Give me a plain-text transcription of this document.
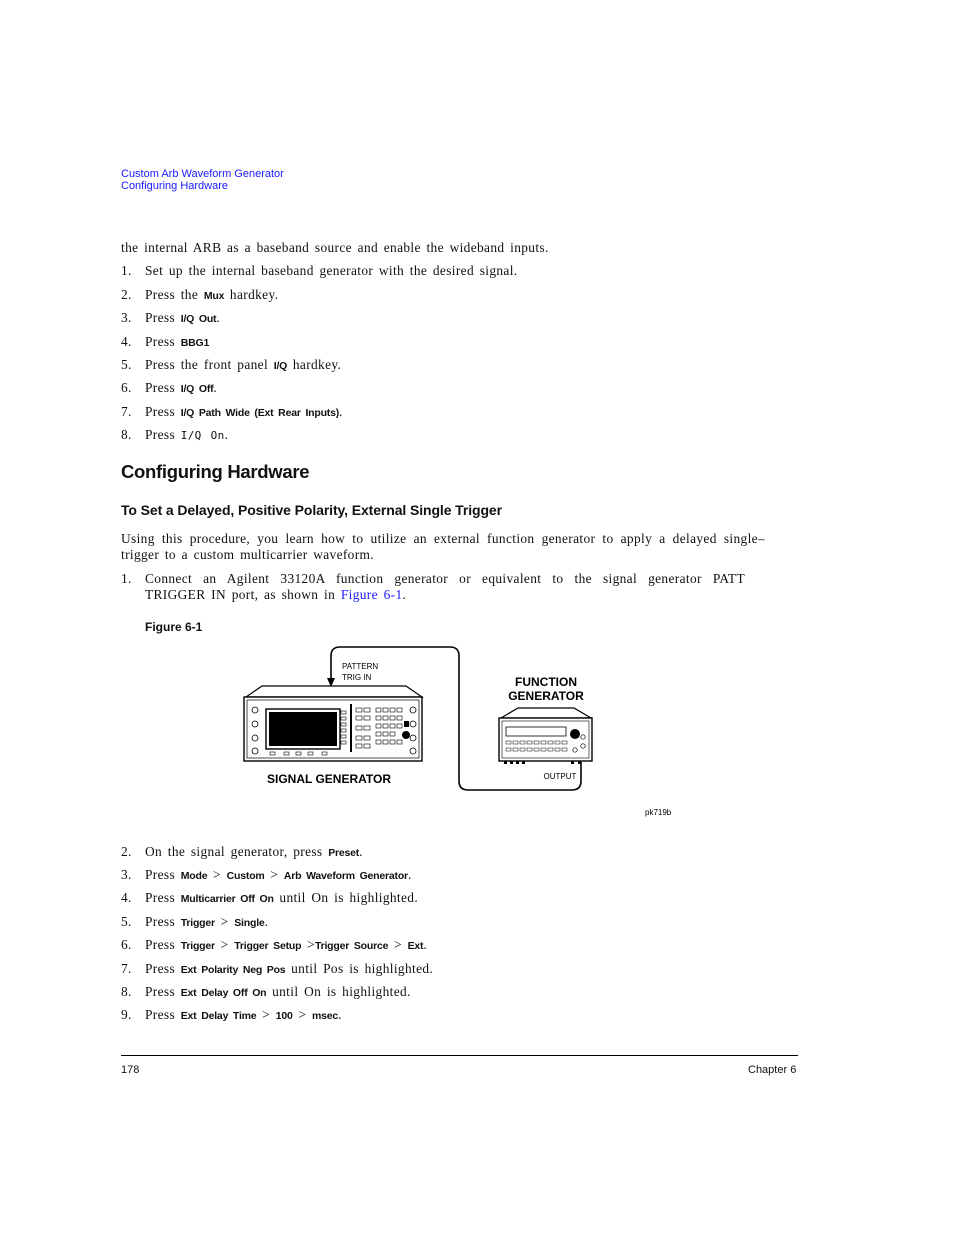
Custom Arb Waveform Generator
Configuring Hardware
the internal ARB as a baseband source and enable the wideband inputs.
1. Set up the internal baseband generator with the desired signal.
2. Press the Mux hardkey.
3. Press I/Q Out.
4. Press BBG1
5. Press the front panel I/Q hardkey.
6. Press I/Q Off.
7. Press I/Q Path Wide (Ext Rear Inputs).
8. Press I/Q On.
Configuring Hardware
To Set a Delayed, Positive Polarity, External Single Trigger
Using this procedure, you learn how to utilize an external function generator to apply a delayed single–trigger to a custom multicarrier waveform.
1. Connect an Agilent 33120A function generator or equivalent to the signal generator PATT
TRIGGER IN port, as shown in Figure 6-1.
Figure 6-1
PATTERN
TRIG IN
SIGNAL GENERATOR
FUNCTION
GENERATOR
OUTPUT
pk719b
2. On the signal generator, press Preset.
3. Press Mode > Custom > Arb Waveform Generator.
4. Press Multicarrier Off On until On is highlighted.
5. Press Trigger > Single.
6. Press Trigger > Trigger Setup >Trigger Source > Ext.
7. Press Ext Polarity Neg Pos until Pos is highlighted.
8. Press Ext Delay Off On until On is highlighted.
9. Press Ext Delay Time > 100 > msec.
178	Chapter 6
